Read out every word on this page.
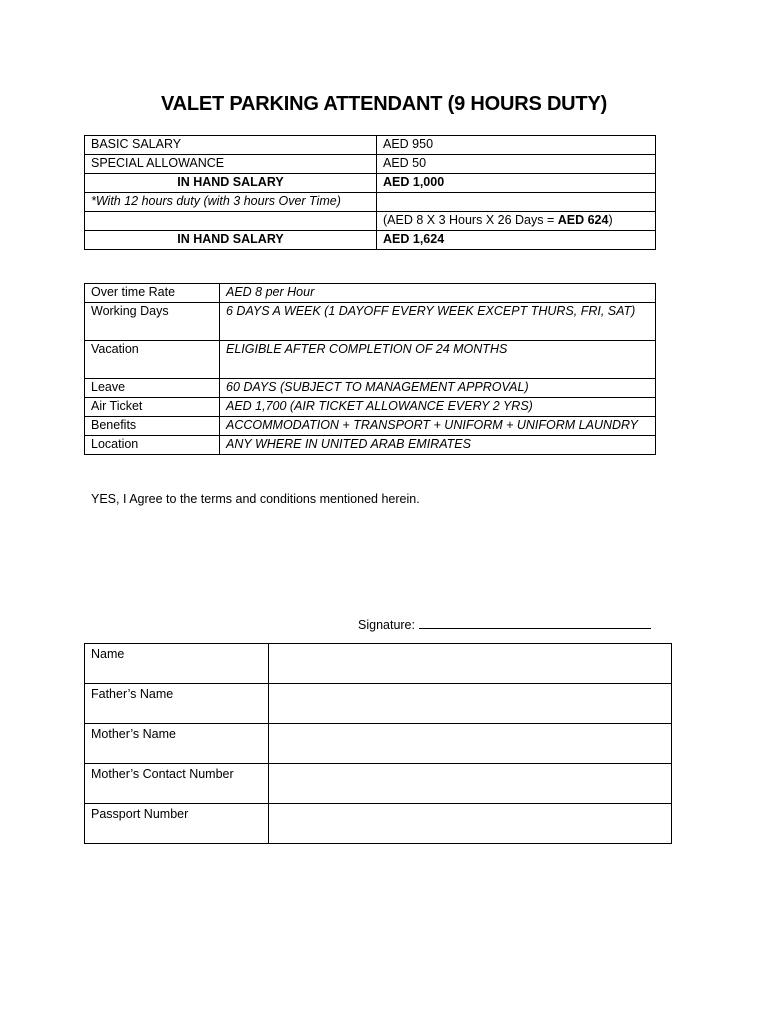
VALET PARKING ATTENDANT (9 HOURS DUTY)
BASIC SALARY	AED 950
SPECIAL ALLOWANCE	AED 50
IN HAND SALARY	AED 1,000
*With 12 hours duty (with 3 hours Over Time)	
	(AED 8 X 3 Hours X 26 Days = AED 624)
IN HAND SALARY	AED 1,624
Over time Rate	AED 8 per Hour
Working Days	6 DAYS A WEEK (1 DAYOFF EVERY WEEK EXCEPT THURS, FRI, SAT)
Vacation	ELIGIBLE AFTER COMPLETION OF 24 MONTHS
Leave	60 DAYS (SUBJECT TO MANAGEMENT APPROVAL)
Air Ticket	AED 1,700 (AIR TICKET ALLOWANCE EVERY 2 YRS)
Benefits	ACCOMMODATION + TRANSPORT + UNIFORM + UNIFORM LAUNDRY
Location	ANY WHERE IN UNITED ARAB EMIRATES
YES, I Agree to the terms and conditions mentioned herein.
Signature:
Name	
Father’s Name	
Mother’s Name	
Mother’s Contact Number	
Passport Number	
